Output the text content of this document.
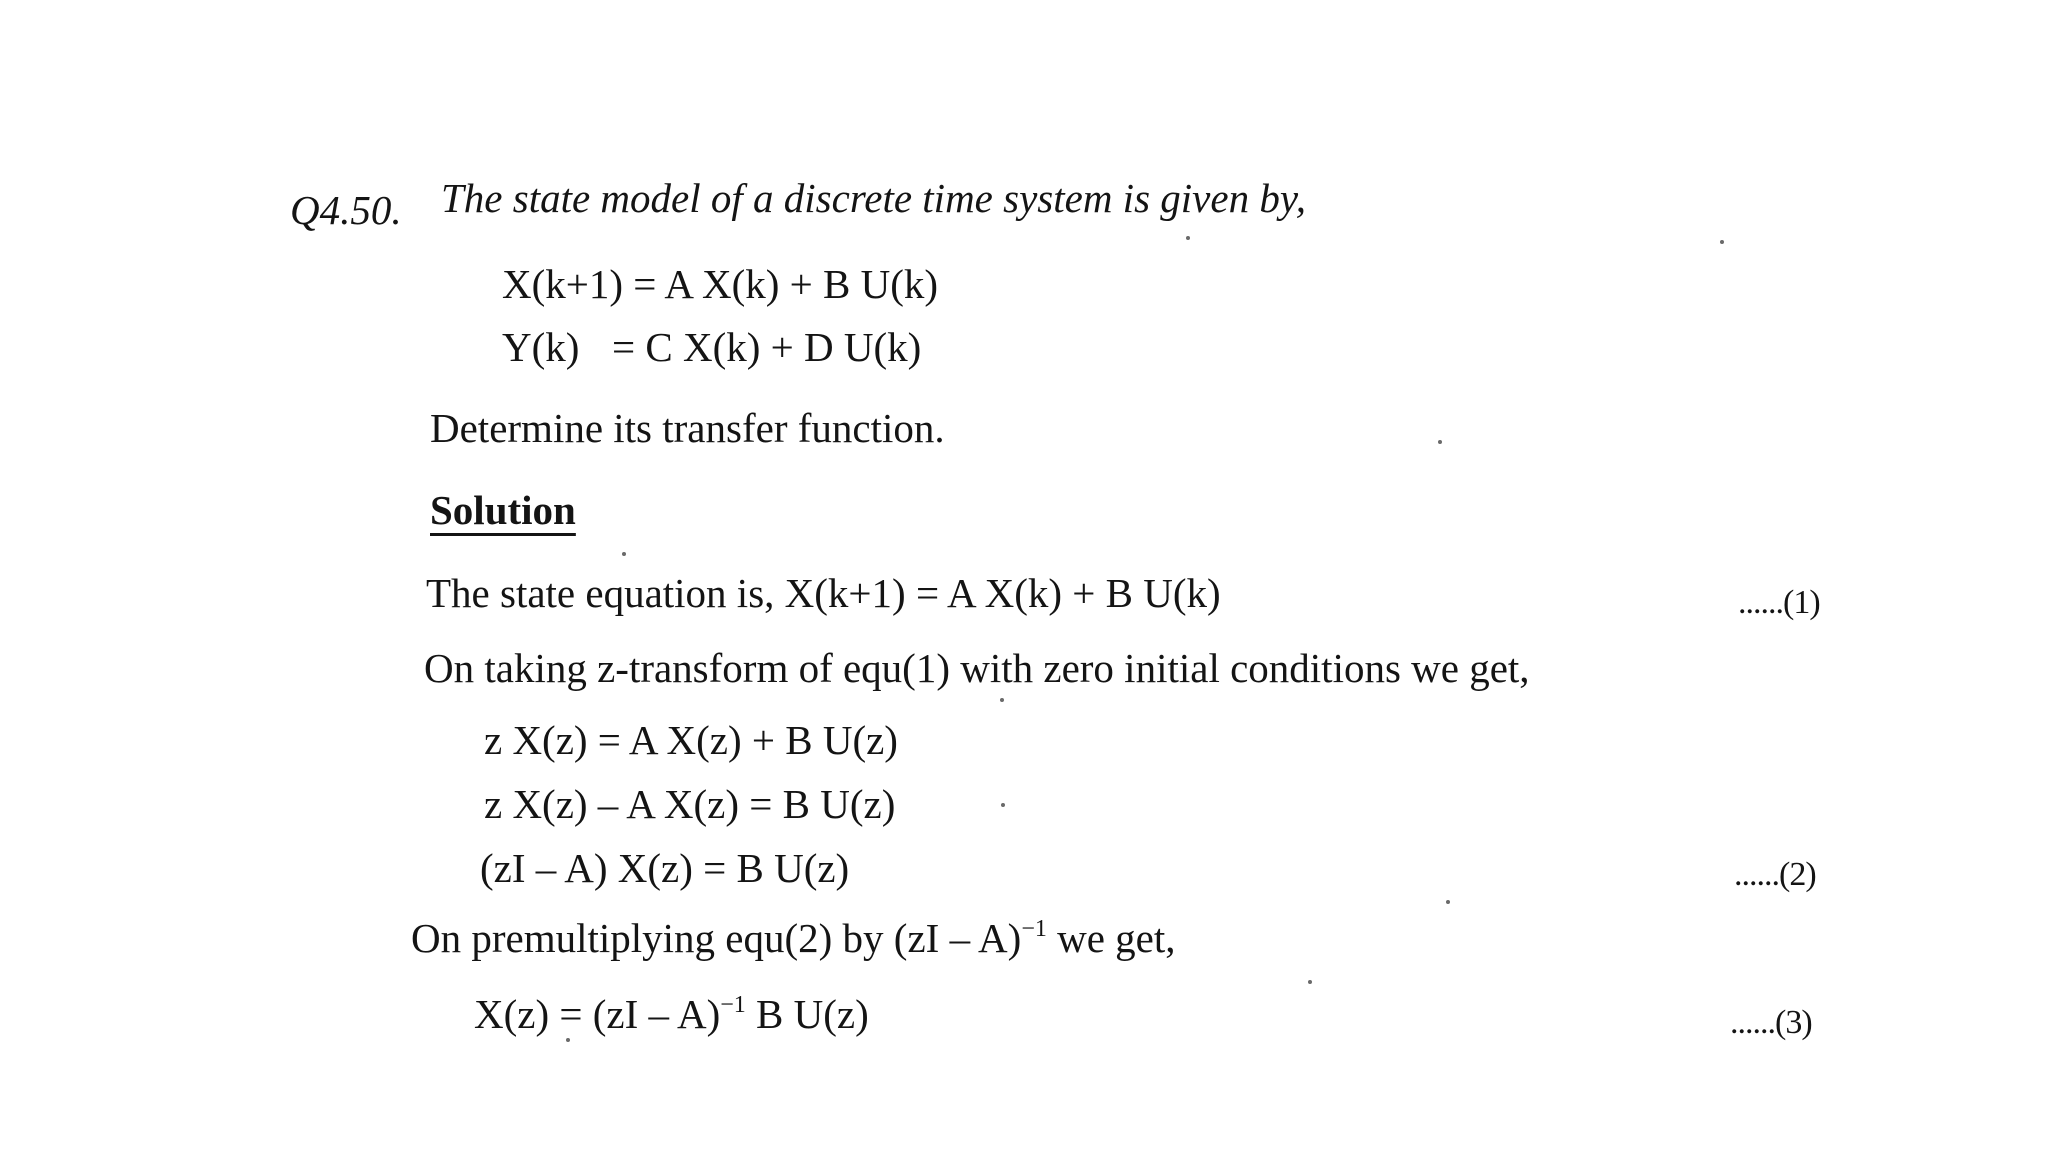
Q4.50. The state model of a discrete time system is given by,
X(k+1) = A X(k) + B U(k)
Y(k) = C X(k) + D U(k)
Determine its transfer function.
Solution
The state equation is, X(k+1) = A X(k) + B U(k)	......(1)
On taking z-transform of equ(1) with zero initial conditions we get,
z X(z) = A X(z) + B U(z)
z X(z) – A X(z) = B U(z)
(zI – A) X(z) = B U(z)	......(2)
On premultiplying equ(2) by (zI – A)$^{-1}$ we get,
X(z) = (zI – A)$^{-1}$ B U(z)	......(3)
